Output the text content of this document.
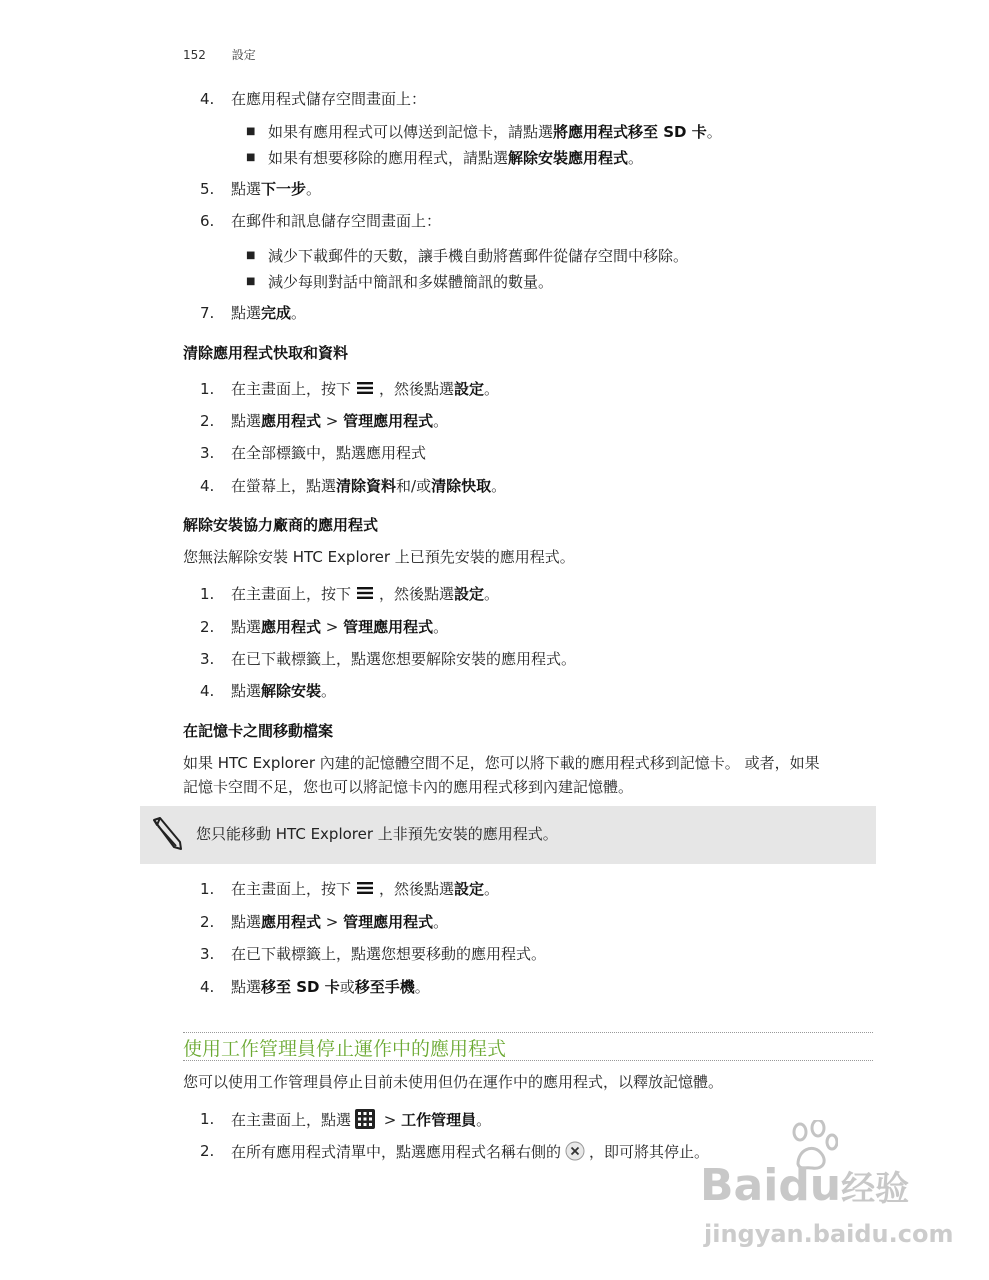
152 設定
4.	在應用程式儲存空間畫面上：
■ 如果有應用程式可以傳送到記憶卡，請點選將應用程式移至 SD 卡。
■ 如果有想要移除的應用程式，請點選解除安裝應用程式。
5.	點選下一步。
6.	在郵件和訊息儲存空間畫面上：
■ 減少下載郵件的天數，讓手機自動將舊郵件從儲存空間中移除。
■ 減少每則對話中簡訊和多媒體簡訊的數量。
7.	點選完成。
清除應用程式快取和資料
1.	在主畫面上，按下 ，然後點選設定。
2.	點選應用程式 > 管理應用程式。
3.	在全部標籤中，點選應用程式
4.	在螢幕上，點選清除資料和/或清除快取。
解除安裝協力廠商的應用程式
您無法解除安裝 HTC Explorer 上已預先安裝的應用程式。
1.	在主畫面上，按下 ，然後點選設定。
2.	點選應用程式 > 管理應用程式。
3.	在已下載標籤上，點選您想要解除安裝的應用程式。
4.	點選解除安裝。
在記憶卡之間移動檔案
如果 HTC Explorer 內建的記憶體空間不足，您可以將下載的應用程式移到記憶卡。 或者，如果
記憶卡空間不足，您也可以將記憶卡內的應用程式移到內建記憶體。
您只能移動 HTC Explorer 上非預先安裝的應用程式。
1.	在主畫面上，按下 ，然後點選設定。
2.	點選應用程式 > 管理應用程式。
3.	在已下載標籤上，點選您想要移動的應用程式。
4.	點選移至 SD 卡或移至手機。
使用工作管理員停止運作中的應用程式
您可以使用工作管理員停止目前未使用但仍在運作中的應用程式，以釋放記憶體。
1.	在主畫面上，點選 > 工作管理員。
2.	在所有應用程式清單中，點選應用程式名稱右側的 ，即可將其停止。
Baidu经验
jingyan.baidu.com
